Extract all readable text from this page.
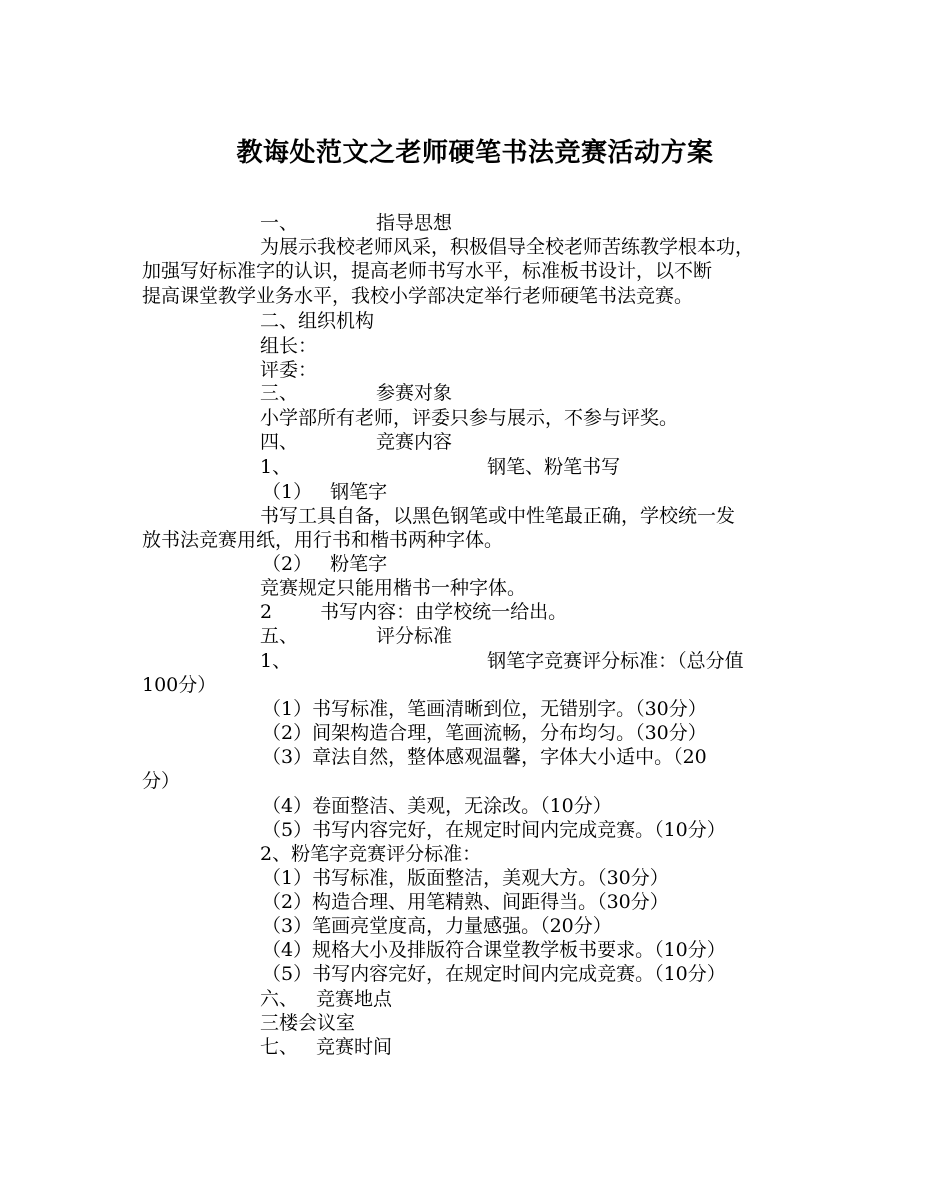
教诲处范文之老师硬笔书法竞赛活动方案
一、	指导思想
为展示我校老师风采，积极倡导全校老师苦练教学根本功，
加强写好标准字的认识，提高老师书写水平，标准板书设计，以不断
提高课堂教学业务水平，我校小学部决定举行老师硬笔书法竞赛。
二、组织机构
组长：
评委：
三、	参赛对象
小学部所有老师，评委只参与展示，不参与评奖。
四、	竞赛内容
1、	钢笔、粉笔书写
（1） 钢笔字
书写工具自备，以黑色钢笔或中性笔最正确，学校统一发
放书法竞赛用纸，用行书和楷书两种字体。
（2） 粉笔字
竞赛规定只能用楷书一种字体。
2	书写内容：由学校统一给出。
五、	评分标准
1、	钢笔字竞赛评分标准：（总分值
100分）
（1）书写标准，笔画清晰到位，无错别字。（30分）
（2）间架构造合理，笔画流畅，分布均匀。（30分）
（3）章法自然，整体感观温馨，字体大小适中。（20
分）
（4）卷面整洁、美观，无涂改。（10分）
（5）书写内容完好，在规定时间内完成竞赛。（10分）
2、粉笔字竞赛评分标准：
（1）书写标准，版面整洁，美观大方。（30分）
（2）构造合理、用笔精熟、间距得当。（30分）
（3）笔画亮堂度高，力量感强。（20分）
（4）规格大小及排版符合课堂教学板书要求。（10分）
（5）书写内容完好，在规定时间内完成竞赛。（10分）
六、 竞赛地点
三楼会议室
七、 竞赛时间
